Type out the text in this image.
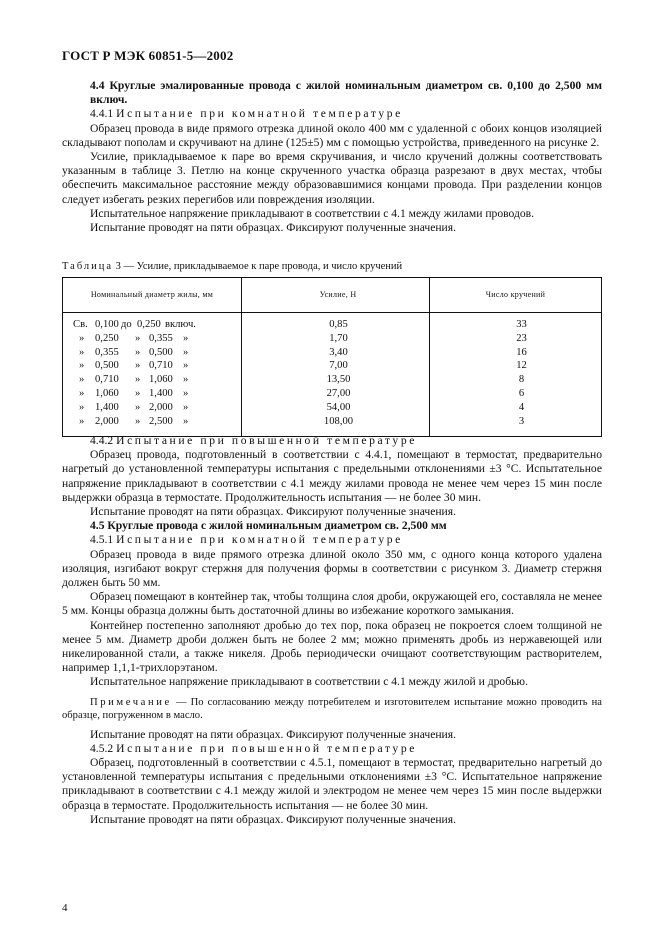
ГОСТ Р МЭК 60851-5—2002

4.4 Круглые эмалированные провода с жилой номинальным диаметром св. 0,100 до 2,500 мм включ.

4.4.1 Испытание при комнатной температуре

Образец провода в виде прямого отрезка длиной около 400 мм с удаленной с обоих концов изоляцией складывают пополам и скручивают на длине (125±5) мм с помощью устройства, приведенного на рисунке 2.

Усилие, прикладываемое к паре во время скручивания, и число кручений должны соответствовать указанным в таблице 3. Петлю на конце скрученного участка образца разрезают в двух местах, чтобы обеспечить максимальное расстояние между образовавшимися концами провода. При разделении концов следует избегать резких перегибов или повреждения изоляции.

Испытательное напряжение прикладывают в соответствии с 4.1 между жилами проводов.

Испытание проводят на пяти образцах. Фиксируют полученные значения.

Таблица 3 — Усилие, прикладываемое к паре провода, и число кручений
Номинальный диаметр жилы, мм	Усилие, Н	Число кручений

Св. 0,100 до 0,250 включ.	0,85	33

» 0,250 » 0,355 »	1,70	23

» 0,355 » 0,500 »	3,40	16

» 0,500 » 0,710 »	7,00	12

» 0,710 » 1,060 »	13,50	8

» 1,060 » 1,400 »	27,00	6

» 1,400 » 2,000 »	54,00	4

» 2,000 » 2,500 »	108,00	3

4.4.2 Испытание при повышенной температуре

Образец провода, подготовленный в соответствии с 4.4.1, помещают в термостат, предварительно нагретый до установленной температуры испытания с предельными отклонениями ±3 °С. Испытательное напряжение прикладывают в соответствии с 4.1 между жилами провода не менее чем через 15 мин после выдержки образца в термостате. Продолжительность испытания — не более 30 мин.

Испытание проводят на пяти образцах. Фиксируют полученные значения.

4.5 Круглые провода с жилой номинальным диаметром св. 2,500 мм

4.5.1 Испытание при комнатной температуре

Образец провода в виде прямого отрезка длиной около 350 мм, с одного конца которого удалена изоляция, изгибают вокруг стержня для получения формы в соответствии с рисунком 3. Диаметр стержня должен быть 50 мм.

Образец помещают в контейнер так, чтобы толщина слоя дроби, окружающей его, составляла не менее 5 мм. Концы образца должны быть достаточной длины во избежание короткого замыкания.

Контейнер постепенно заполняют дробью до тех пор, пока образец не покроется слоем толщиной не менее 5 мм. Диаметр дроби должен быть не более 2 мм; можно применять дробь из нержавеющей или никелированной стали, а также никеля. Дробь периодически очищают соответствующим растворителем, например 1,1,1-трихлорэтаном.

Испытательное напряжение прикладывают в соответствии с 4.1 между жилой и дробью.

Примечание — По согласованию между потребителем и изготовителем испытание можно проводить на образце, погруженном в масло.

Испытание проводят на пяти образцах. Фиксируют полученные значения.

4.5.2 Испытание при повышенной температуре

Образец, подготовленный в соответствии с 4.5.1, помещают в термостат, предварительно нагретый до установленной температуры испытания с предельными отклонениями ±3 °С. Испытательное напряжение прикладывают в соответствии с 4.1 между жилой и электродом не менее чем через 15 мин после выдержки образца в термостате. Продолжительность испытания — не более 30 мин.

Испытание проводят на пяти образцах. Фиксируют полученные значения.

4
